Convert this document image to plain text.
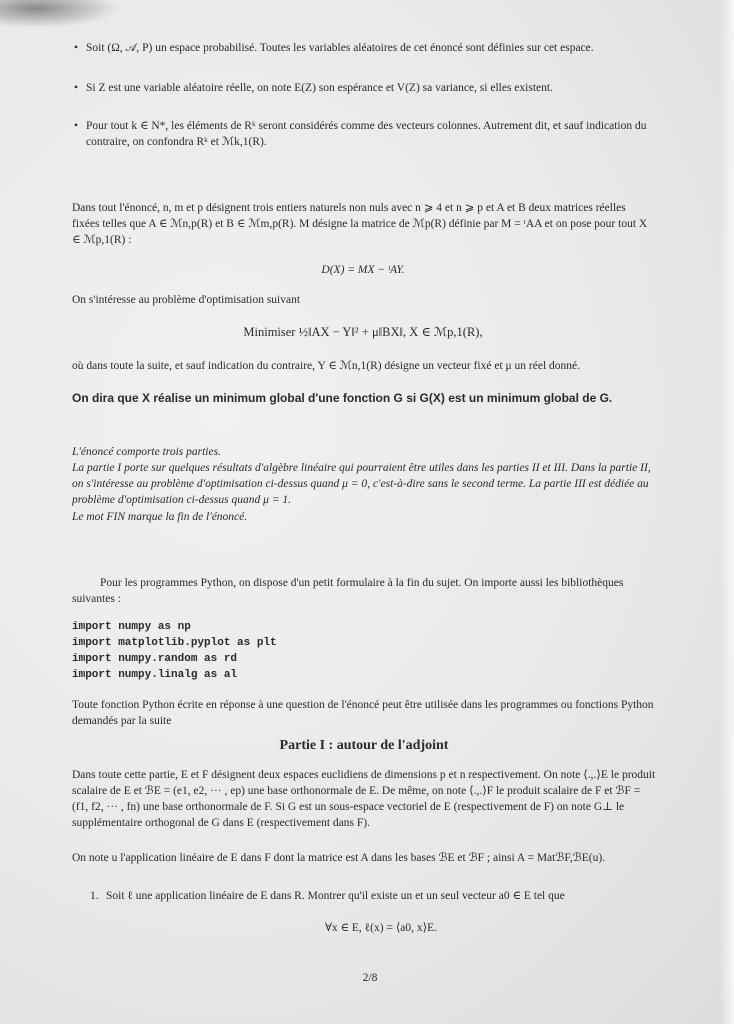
• Soit (Ω, 𝒜, P) un espace probabilisé. Toutes les variables aléatoires de cet énoncé sont définies sur cet espace.
• Si Z est une variable aléatoire réelle, on note E(Z) son espérance et V(Z) sa variance, si elles existent.
• Pour tout k ∈ N*, les éléments de Rᵏ seront considérés comme des vecteurs colonnes. Autrement dit, et sauf indication du contraire, on confondra Rᵏ et ℳk,1(R).
Dans tout l'énoncé, n, m et p désignent trois entiers naturels non nuls avec n ⩾ 4 et n ⩾ p et A et B deux matrices réelles fixées telles que A ∈ ℳn,p(R) et B ∈ ℳm,p(R). M désigne la matrice de ℳp(R) définie par M = ᵗAA et on pose pour tout X ∈ ℳp,1(R) :
D(X) = MX − ᵗAY.
On s'intéresse au problème d'optimisation suivant
Minimiser ½‖AX − Y‖² + μ‖BX‖, X ∈ ℳp,1(R),
où dans toute la suite, et sauf indication du contraire, Y ∈ ℳn,1(R) désigne un vecteur fixé et μ un réel donné.
On dira que X réalise un minimum global d'une fonction G si G(X) est un minimum global de G.
L'énoncé comporte trois parties.
La partie I porte sur quelques résultats d'algèbre linéaire qui pourraient être utiles dans les parties II et III. Dans la partie II, on s'intéresse au problème d'optimisation ci-dessus quand μ = 0, c'est-à-dire sans le second terme. La partie III est dédiée au problème d'optimisation ci-dessus quand μ = 1.
Le mot FIN marque la fin de l'énoncé.
Pour les programmes Python, on dispose d'un petit formulaire à la fin du sujet. On importe aussi les bibliothèques suivantes :
import numpy as np
import matplotlib.pyplot as plt
import numpy.random as rd
import numpy.linalg as al
Toute fonction Python écrite en réponse à une question de l'énoncé peut être utilisée dans les programmes ou fonctions Python demandés par la suite
Partie I : autour de l'adjoint
Dans toute cette partie, E et F désignent deux espaces euclidiens de dimensions p et n respectivement. On note ⟨.,.⟩E le produit scalaire de E et ℬE = (e1, e2, ··· , ep) une base orthonormale de E. De même, on note ⟨.,.⟩F le produit scalaire de F et ℬF = (f1, f2, ··· , fn) une base orthonormale de F. Si G est un sous-espace vectoriel de E (respectivement de F) on note G⊥ le supplémentaire orthogonal de G dans E (respectivement dans F).
On note u l'application linéaire de E dans F dont la matrice est A dans les bases ℬE et ℬF ; ainsi A = MatℬF,ℬE(u).
1. Soit ℓ une application linéaire de E dans R. Montrer qu'il existe un et un seul vecteur a0 ∈ E tel que
∀x ∈ E, ℓ(x) = ⟨a0, x⟩E.
2/8
